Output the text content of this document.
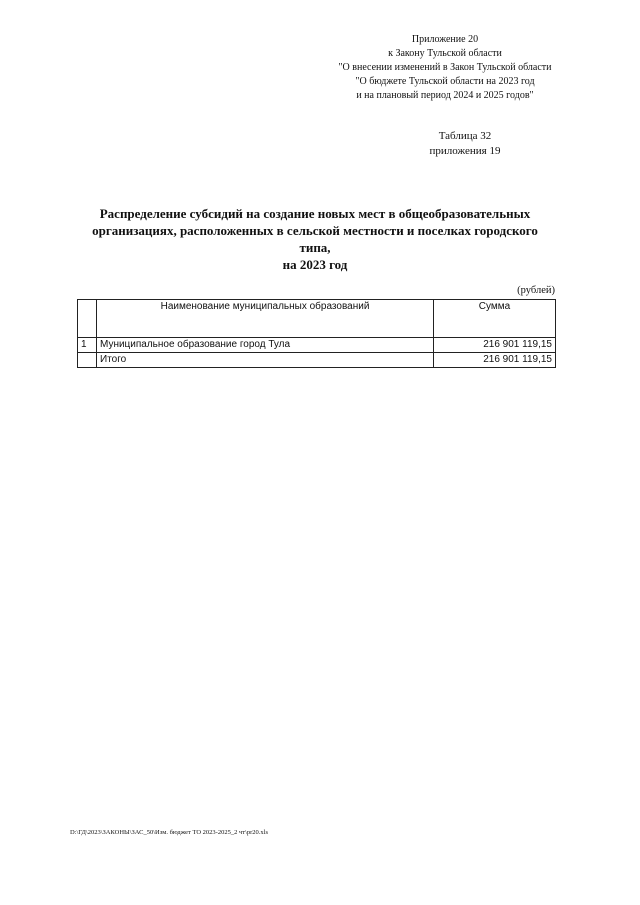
Приложение 20
к Закону Тульской области
"О внесении изменений в Закон Тульской области
"О бюджете Тульской области на 2023 год
и на плановый период 2024 и 2025 годов"
Таблица 32
приложения 19
Распределение субсидий на создание новых мест в общеобразовательных
организациях, расположенных в сельской местности и поселках городского типа,
на 2023 год
(рублей)
	Наименование муниципальных образований	Сумма
1	Муниципальное образование город Тула	216 901 119,15
	Итого	216 901 119,15
D:\ГД\2023\ЗАКОНЫ\ЗАС_50\Изм. бюджет ТО 2023-2025_2 чт\pr20.xls
